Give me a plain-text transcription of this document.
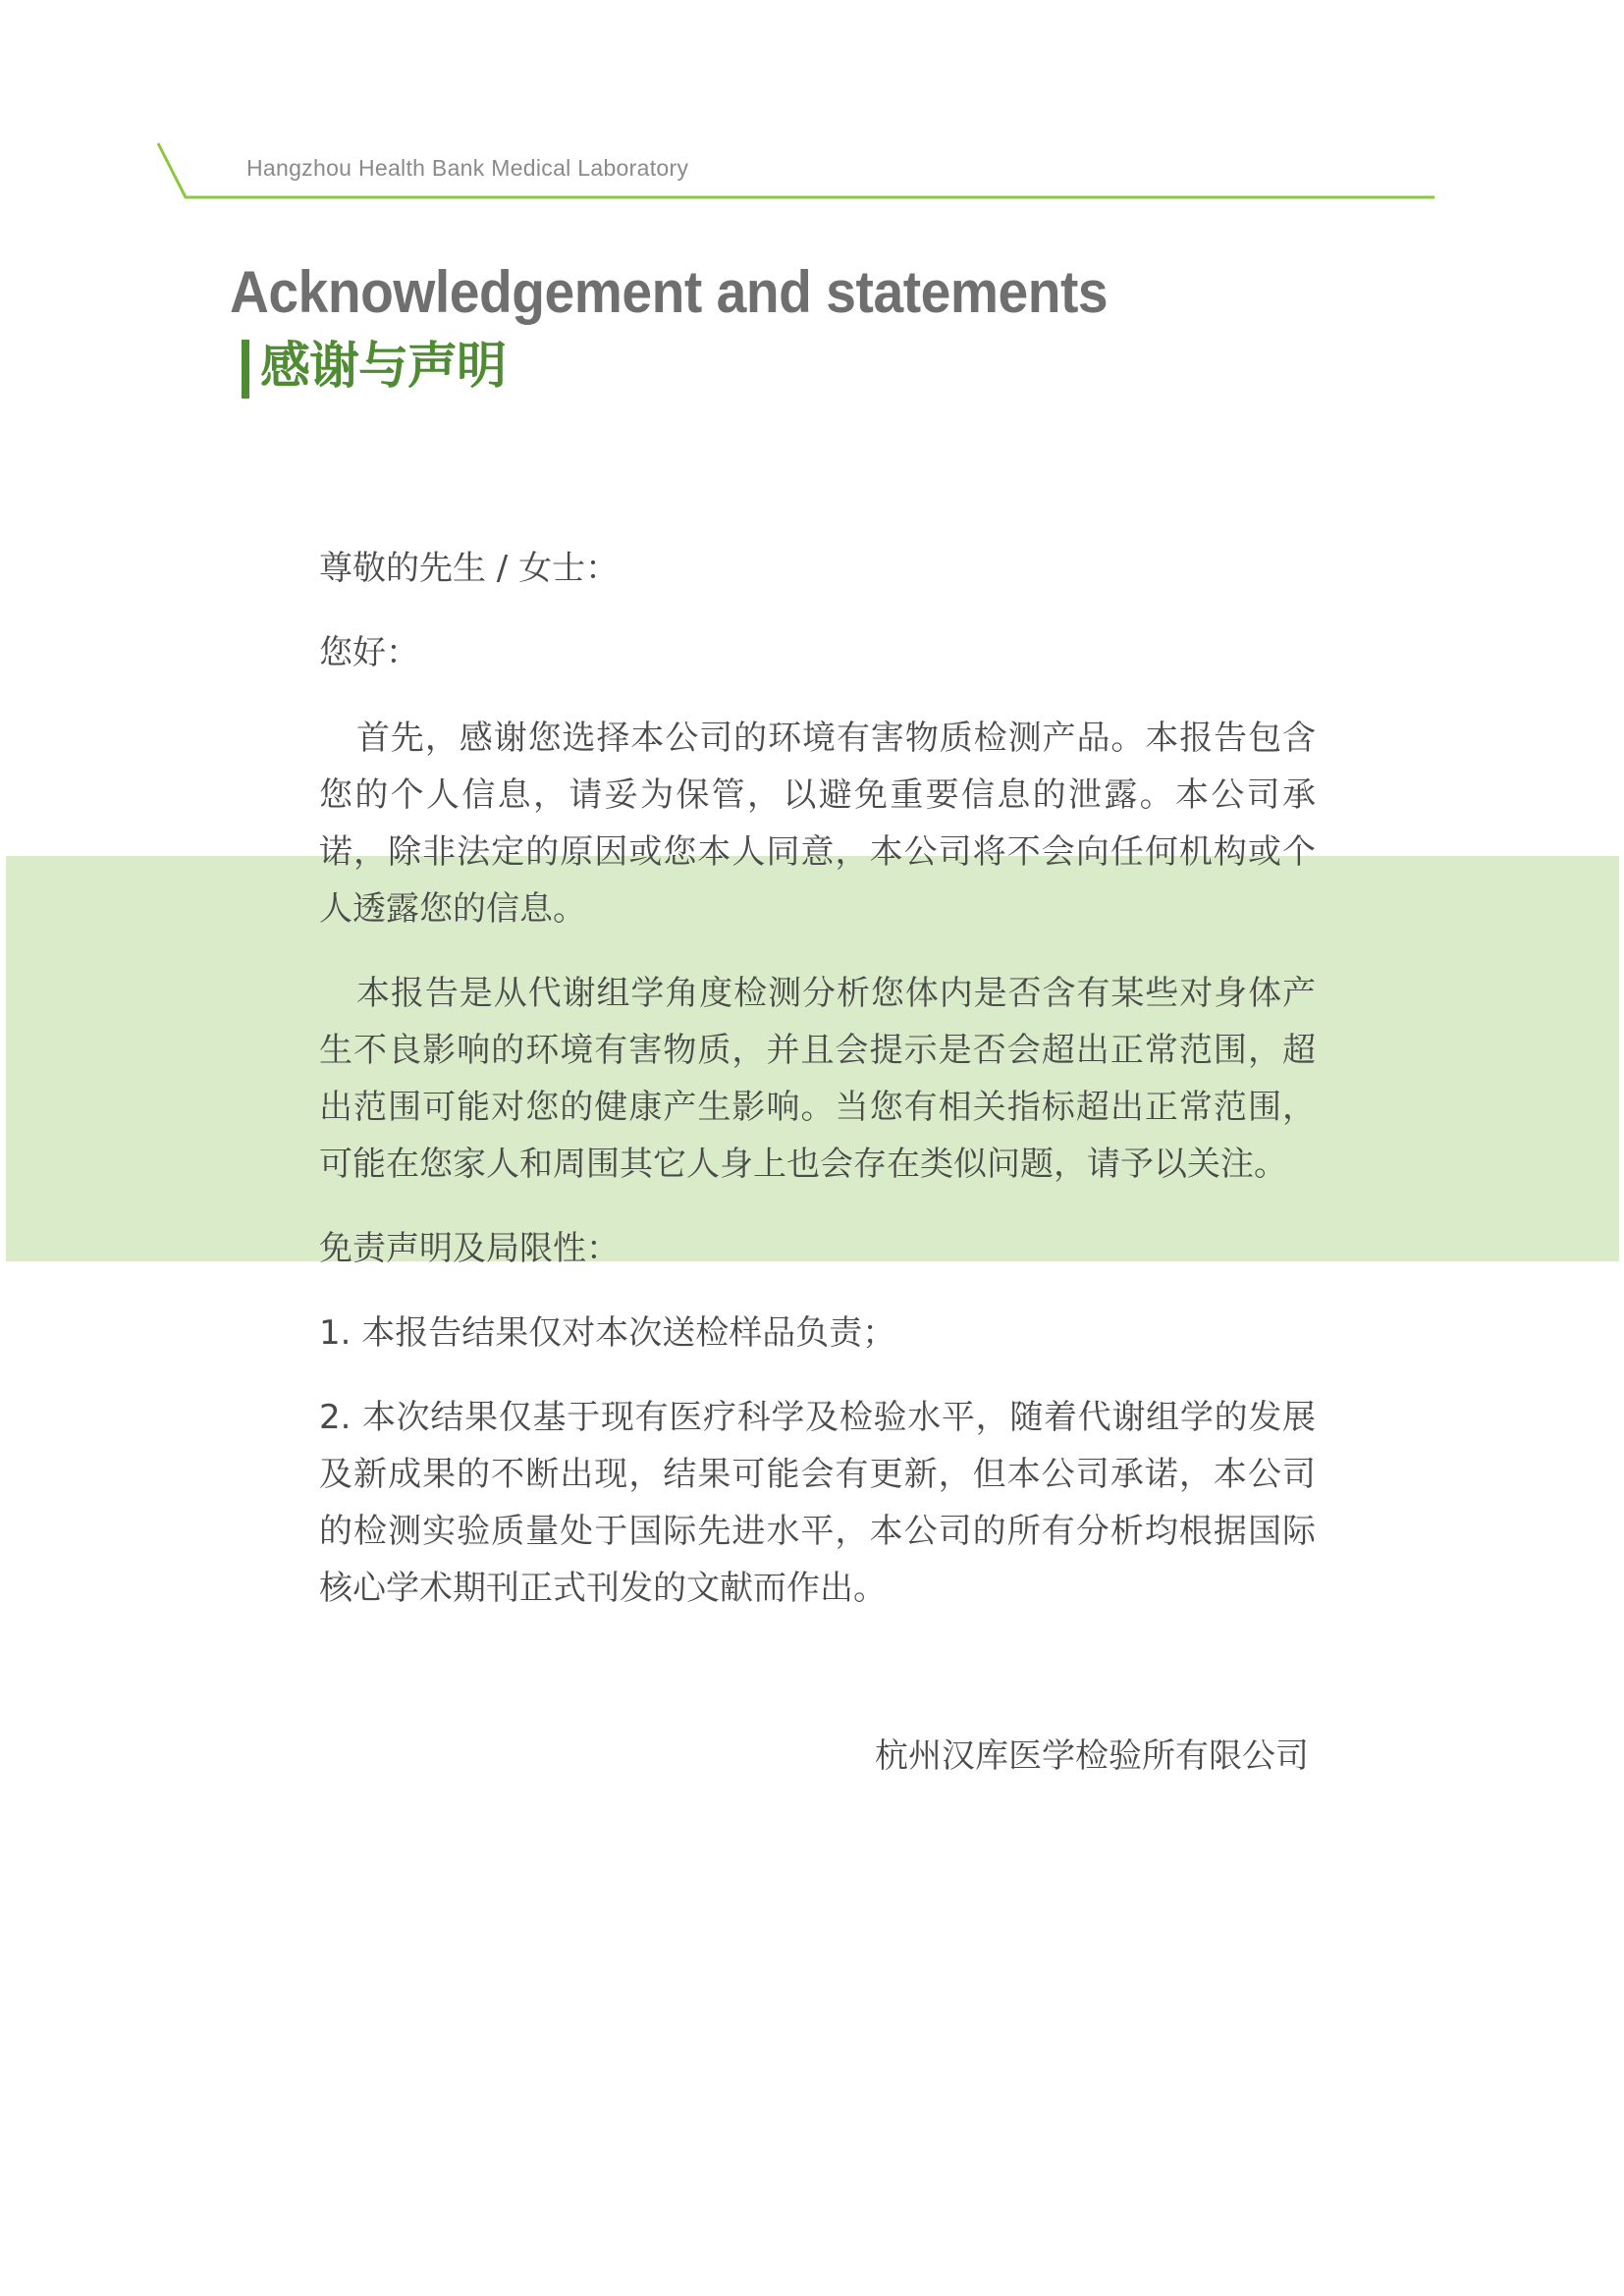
Hangzhou Health Bank Medical Laboratory
Acknowledgement and statements
感谢与声明

尊敬的先生 / 女士：

您好：

首先，感谢您选择本公司的环境有害物质检测产品。本报告包含您的个人信息，请妥为保管，以避免重要信息的泄露。本公司承诺，除非法定的原因或您本人同意，本公司将不会向任何机构或个人透露您的信息。

本报告是从代谢组学角度检测分析您体内是否含有某些对身体产生不良影响的环境有害物质，并且会提示是否会超出正常范围，超出范围可能对您的健康产生影响。当您有相关指标超出正常范围，可能在您家人和周围其它人身上也会存在类似问题，请予以关注。

免责声明及局限性：

1. 本报告结果仅对本次送检样品负责；

2. 本次结果仅基于现有医疗科学及检验水平，随着代谢组学的发展及新成果的不断出现，结果可能会有更新，但本公司承诺，本公司的检测实验质量处于国际先进水平，本公司的所有分析均根据国际核心学术期刊正式刊发的文献而作出。

杭州汉库医学检验所有限公司
